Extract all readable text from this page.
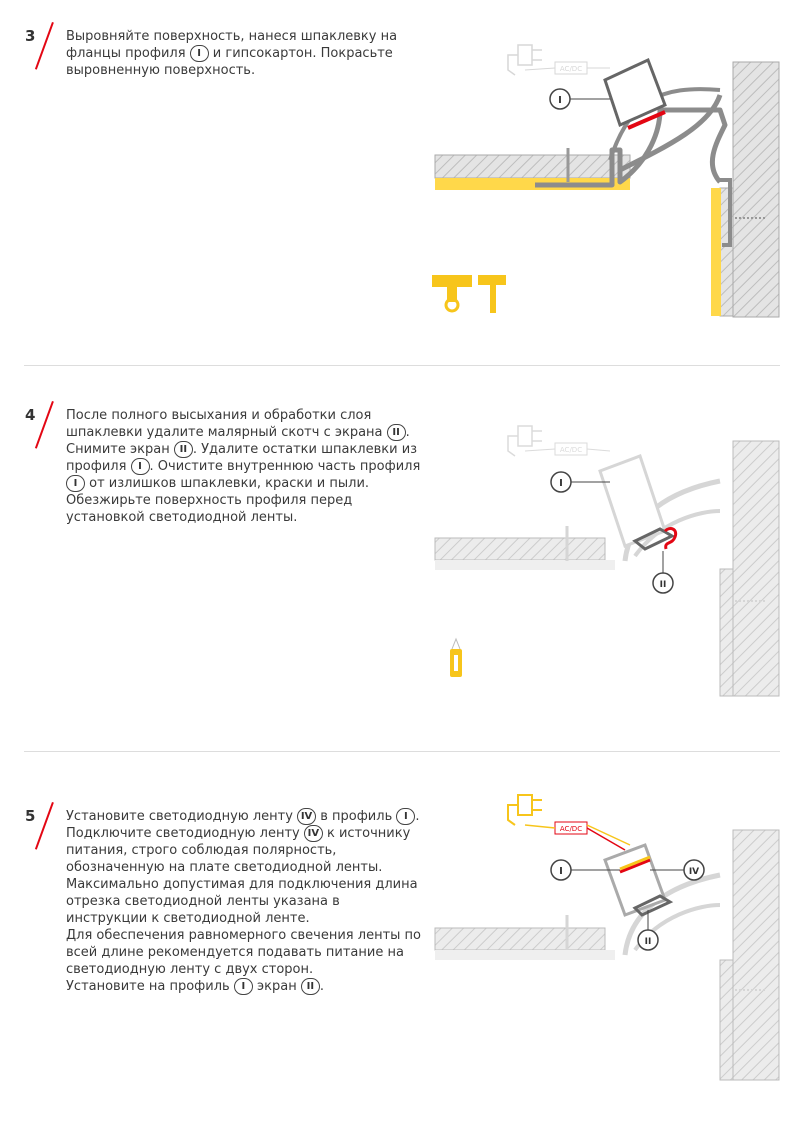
3 Выровняйте поверхность, нанеся шпаклевку на фланцы профиля I и гипсокартон. Покрасьте выровненную поверхность.
I
AC/DC
4 После полного высыхания и обработки слоя шпаклевки удалите малярный скотч с экрана II . Снимите экран II . Удалите остатки шпаклевки из профиля I . Очистите внутреннюю часть профиля I от излишков шпаклевки, краски и пыли. Обезжирьте поверхность профиля перед установкой светодиодной ленты.
I
II
AC/DC
5 Установите светодиодную ленту IV в профиль I . Подключите светодиодную ленту IV к источнику питания, строго соблюдая полярность, обозначенную на плате светодиодной ленты.
Максимально допустимая для подключения длина отрезка светодиодной ленты указана в инструкции к светодиодной ленте.
Для обеспечения равномерного свечения ленты по всей длине рекомендуется подавать питание на светодиодную ленту с двух сторон.
Установите на профиль I экран II .
I	IV
II
AC/DC
